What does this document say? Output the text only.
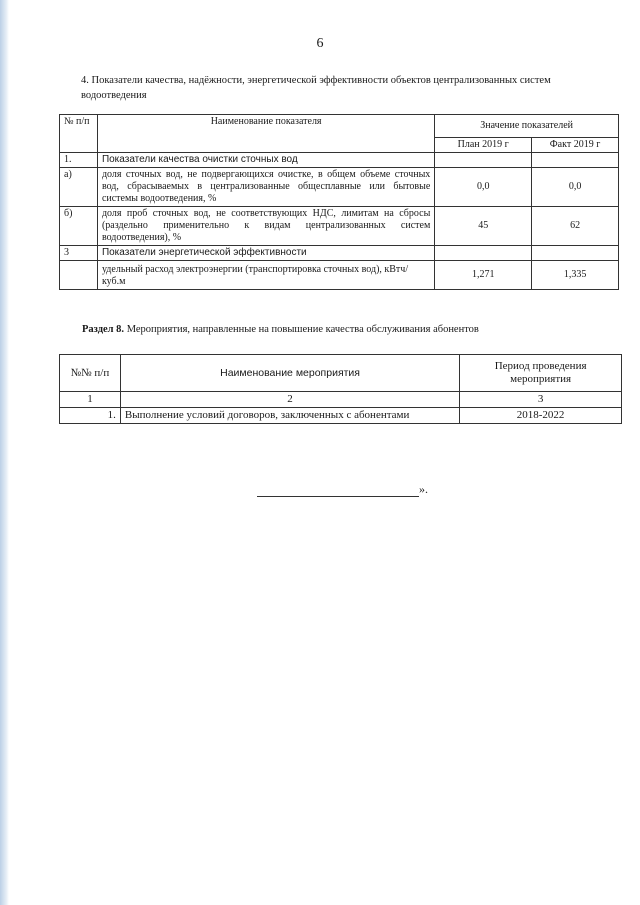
6
4. Показатели качества, надёжности, энергетической эффективности объектов централизованных систем водоотведения
№ п/п	Наименование показателя	Значение показателей	
		План 2019 г	Факт 2019 г
1.	Показатели качества очистки сточных вод		
а)	доля сточных вод, не подвергающихся очистке, в общем объеме сточных вод, сбрасываемых в централизованные общесплавные или бытовые системы водоотведения, %	0,0	0,0
б)	доля проб сточных вод, не соответствующих НДС, лимитам на сбросы (раздельно применительно к видам централизованных систем водоотведения), %	45	62
3	Показатели энергетической эффективности		
	удельный расход электроэнергии (транспортировка сточных вод), кВтч/куб.м	1,271	1,335
Раздел 8. Мероприятия, направленные на повышение качества обслуживания абонентов
№№ п/п	Наименование мероприятия	Период проведения мероприятия
1	2	3
1.	Выполнение условий договоров, заключенных с абонентами	2018-2022
».
